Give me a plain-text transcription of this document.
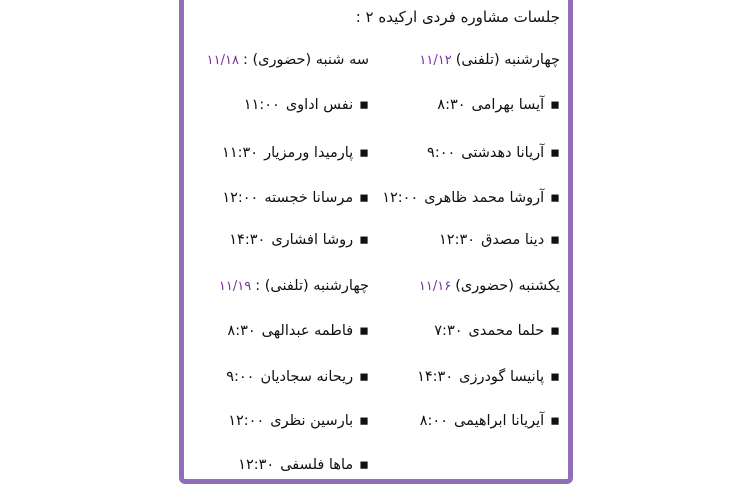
جلسات مشاوره فردی ارکیده ۲ :
چهارشنبه (تلفنی)۱۱/۱۲
▪آیسا بهرامی۸:۳۰
▪آریانا دهدشتی۹:۰۰
▪آروشا محمد ظاهری۱۲:۰۰
▪دینا مصدق۱۲:۳۰
یکشنبه (حضوری)۱۱/۱۶
▪حلما محمدی۷:۳۰
▪پانیسا گودرزی۱۴:۳۰
▪آیریانا ابراهیمی۸:۰۰
سه شنبه (حضوری) :۱۱/۱۸
▪نفس اداوی۱۱:۰۰
▪پارمیدا ورمزیار۱۱:۳۰
▪مرسانا خجسته۱۲:۰۰
▪روشا افشاری۱۴:۳۰
چهارشنبه (تلفنی) :۱۱/۱۹
▪فاطمه عبدالهی۸:۳۰
▪ریحانه سجادیان۹:۰۰
▪بارسین نظری۱۲:۰۰
▪ماها فلسفی۱۲:۳۰
